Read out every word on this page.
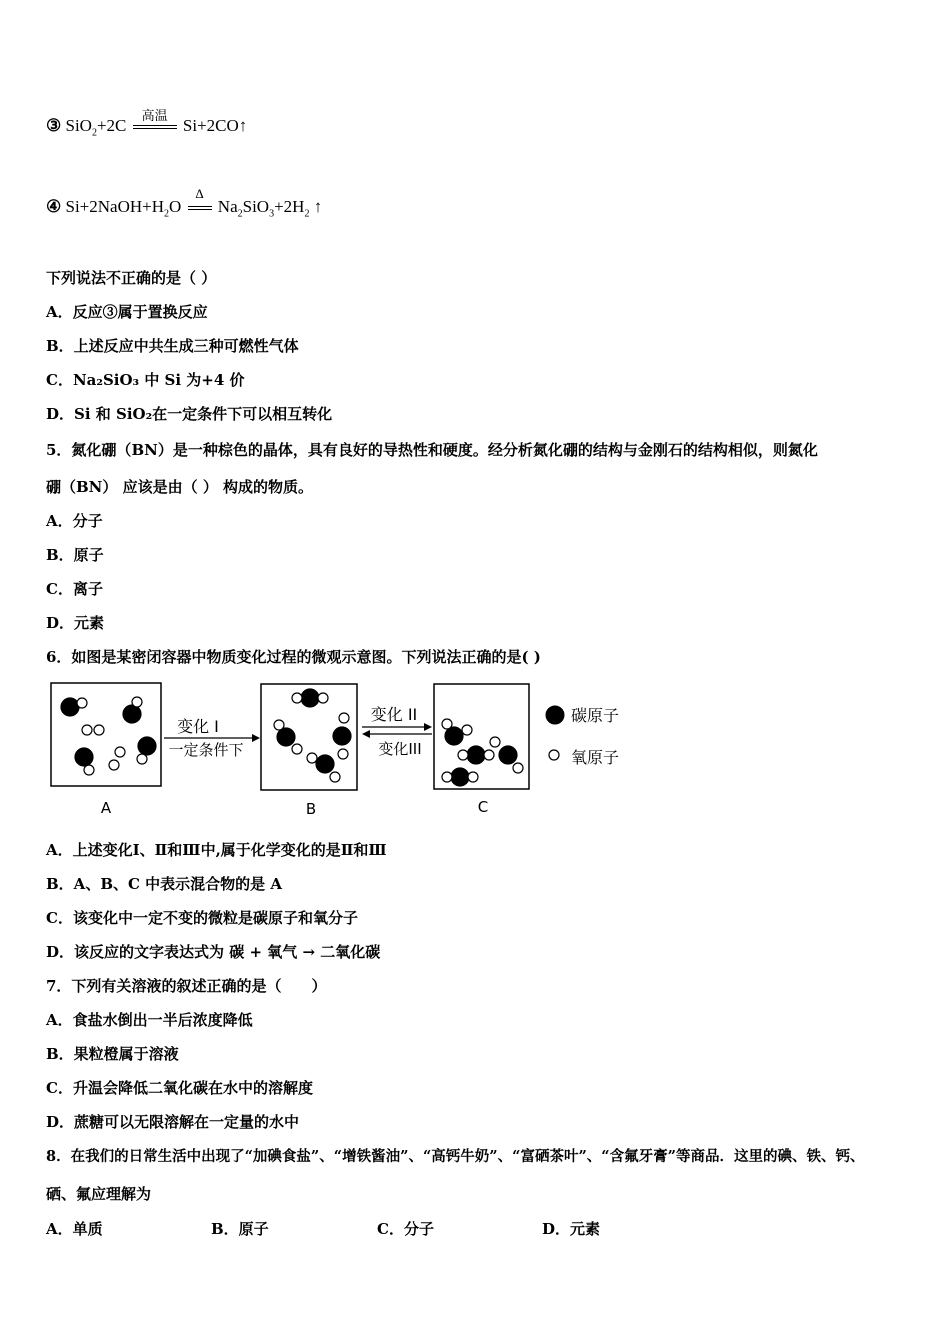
③ SiO$_2$+2C
高温
Si+2CO↑
④ $Si+2NaOH+H_2O$
Δ
$Na_2SiO_3+2H_2$ ↑
下列说法不正确的是（ ）
A．反应③属于置换反应
B．上述反应中共生成三种可燃性气体
C．Na₂SiO₃ 中 Si 为+4 价
D．Si 和 SiO₂在一定条件下可以相互转化
5．氮化硼（BN）是一种棕色的晶体，具有良好的导热性和硬度。经分析氮化硼的结构与金刚石的结构相似，则氮化
硼（BN） 应该是由（ ） 构成的物质。
A．分子
B．原子
C．离子
D．元素
6．如图是某密闭容器中物质变化过程的微观示意图。下列说法正确的是( )
A
变化 I
一定条件下
B
变化 II
变化III
C
碳原子
氧原子
A．上述变化Ⅰ、Ⅱ和Ⅲ中,属于化学变化的是Ⅱ和Ⅲ
B．A、B、C 中表示混合物的是 A
C．该变化中一定不变的微粒是碳原子和氧分子
D．该反应的文字表达式为 碳 + 氧气 → 二氧化碳
7．下列有关溶液的叙述正确的是（　　）
A．食盐水倒出一半后浓度降低
B．果粒橙属于溶液
C．升温会降低二氧化碳在水中的溶解度
D．蔗糖可以无限溶解在一定量的水中
8．在我们的日常生活中出现了“加碘食盐”、“增铁酱油”、“高钙牛奶”、“富硒茶叶”、“含氟牙膏”等商品．这里的碘、铁、钙、
硒、氟应理解为
A．单质	B．原子	C．分子	D．元素
